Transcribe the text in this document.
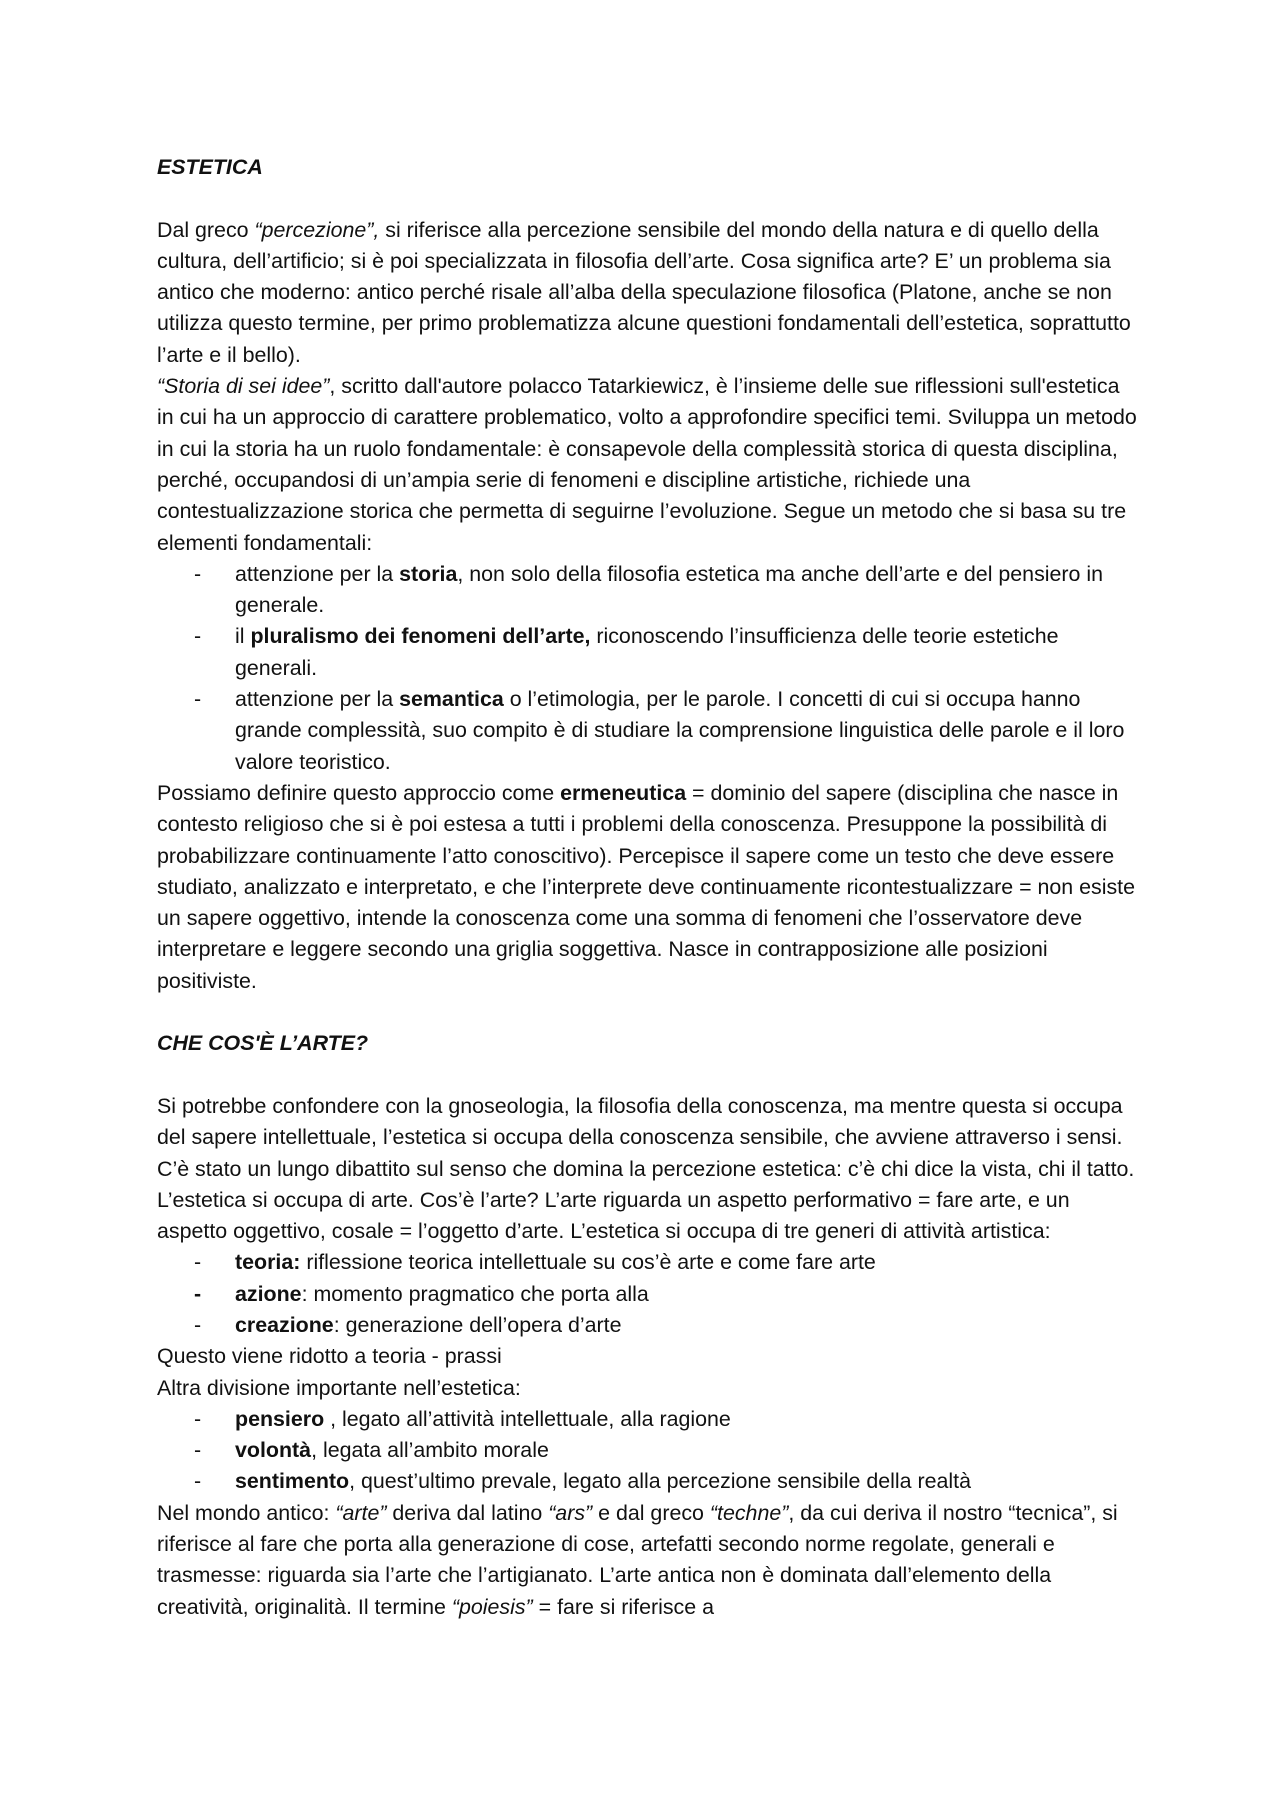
ESTETICA

Dal greco “percezione”, si riferisce alla percezione sensibile del mondo della natura e di quello della cultura, dell’artificio; si è poi specializzata in filosofia dell’arte. Cosa significa arte? E’ un problema sia antico che moderno: antico perché risale all’alba della speculazione filosofica (Platone, anche se non utilizza questo termine, per primo problematizza alcune questioni fondamentali dell’estetica, soprattutto l’arte e il bello).

“Storia di sei idee”, scritto dall'autore polacco Tatarkiewicz, è l’insieme delle sue riflessioni sull'estetica in cui ha un approccio di carattere problematico, volto a approfondire specifici temi. Sviluppa un metodo in cui la storia ha un ruolo fondamentale: è consapevole della complessità storica di questa disciplina, perché, occupandosi di un’ampia serie di fenomeni e discipline artistiche, richiede una contestualizzazione storica che permetta di seguirne l’evoluzione. Segue un metodo che si basa su tre elementi fondamentali:

- attenzione per la storia, non solo della filosofia estetica ma anche dell’arte e del pensiero in generale.
- il pluralismo dei fenomeni dell’arte, riconoscendo l’insufficienza delle teorie estetiche generali.
- attenzione per la semantica o l’etimologia, per le parole. I concetti di cui si occupa hanno grande complessità, suo compito è di studiare la comprensione linguistica delle parole e il loro valore teoristico.

Possiamo definire questo approccio come ermeneutica = dominio del sapere (disciplina che nasce in contesto religioso che si è poi estesa a tutti i problemi della conoscenza. Presuppone la possibilità di probabilizzare continuamente l’atto conoscitivo). Percepisce il sapere come un testo che deve essere studiato, analizzato e interpretato, e che l’interprete deve continuamente ricontestualizzare = non esiste un sapere oggettivo, intende la conoscenza come una somma di fenomeni che l’osservatore deve interpretare e leggere secondo una griglia soggettiva. Nasce in contrapposizione alle posizioni positiviste.

CHE COS'È L’ARTE?

Si potrebbe confondere con la gnoseologia, la filosofia della conoscenza, ma mentre questa si occupa del sapere intellettuale, l’estetica si occupa della conoscenza sensibile, che avviene attraverso i sensi. C’è stato un lungo dibattito sul senso che domina la percezione estetica: c’è chi dice la vista, chi il tatto. L’estetica si occupa di arte. Cos’è l’arte? L’arte riguarda un aspetto performativo = fare arte, e un aspetto oggettivo, cosale = l’oggetto d’arte. L’estetica si occupa di tre generi di attività artistica:

- teoria: riflessione teorica intellettuale su cos’è arte e come fare arte
- azione: momento pragmatico che porta alla
- creazione: generazione dell’opera d’arte

Questo viene ridotto a teoria - prassi

Altra divisione importante nell’estetica:

- pensiero , legato all’attività intellettuale, alla ragione
- volontà, legata all’ambito morale
- sentimento, quest’ultimo prevale, legato alla percezione sensibile della realtà

Nel mondo antico: “arte” deriva dal latino “ars” e dal greco “techne”, da cui deriva il nostro “tecnica”, si riferisce al fare che porta alla generazione di cose, artefatti secondo norme regolate, generali e trasmesse: riguarda sia l’arte che l’artigianato. L’arte antica non è dominata dall’elemento della creatività, originalità. Il termine “poiesis” = fare si riferisce a
